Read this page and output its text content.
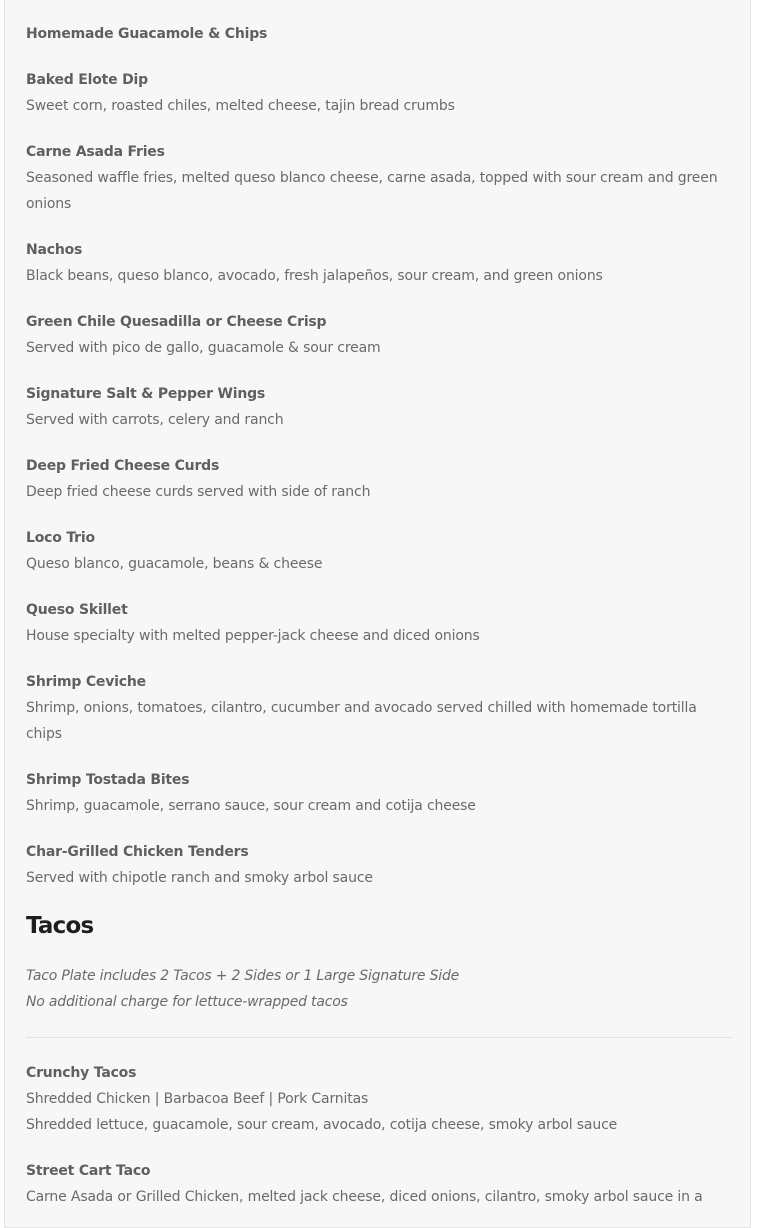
Homemade Guacamole & Chips
Baked Elote Dip
Sweet corn, roasted chiles, melted cheese, tajin bread crumbs
Carne Asada Fries
Seasoned waffle fries, melted queso blanco cheese, carne asada, topped with sour cream and green onions
Nachos
Black beans, queso blanco, avocado, fresh jalapeños, sour cream, and green onions
Green Chile Quesadilla or Cheese Crisp
Served with pico de gallo, guacamole & sour cream
Signature Salt & Pepper Wings
Served with carrots, celery and ranch
Deep Fried Cheese Curds
Deep fried cheese curds served with side of ranch
Loco Trio
Queso blanco, guacamole, beans & cheese
Queso Skillet
House specialty with melted pepper-jack cheese and diced onions
Shrimp Ceviche
Shrimp, onions, tomatoes, cilantro, cucumber and avocado served chilled with homemade tortilla chips
Shrimp Tostada Bites
Shrimp, guacamole, serrano sauce, sour cream and cotija cheese
Char-Grilled Chicken Tenders
Served with chipotle ranch and smoky arbol sauce
Tacos
Taco Plate includes 2 Tacos + 2 Sides or 1 Large Signature Side
No additional charge for lettuce-wrapped tacos
Crunchy Tacos
Shredded Chicken | Barbacoa Beef | Pork Carnitas
Shredded lettuce, guacamole, sour cream, avocado, cotija cheese, smoky arbol sauce
Street Cart Taco
Carne Asada or Grilled Chicken, melted jack cheese, diced onions, cilantro, smoky arbol sauce in a
